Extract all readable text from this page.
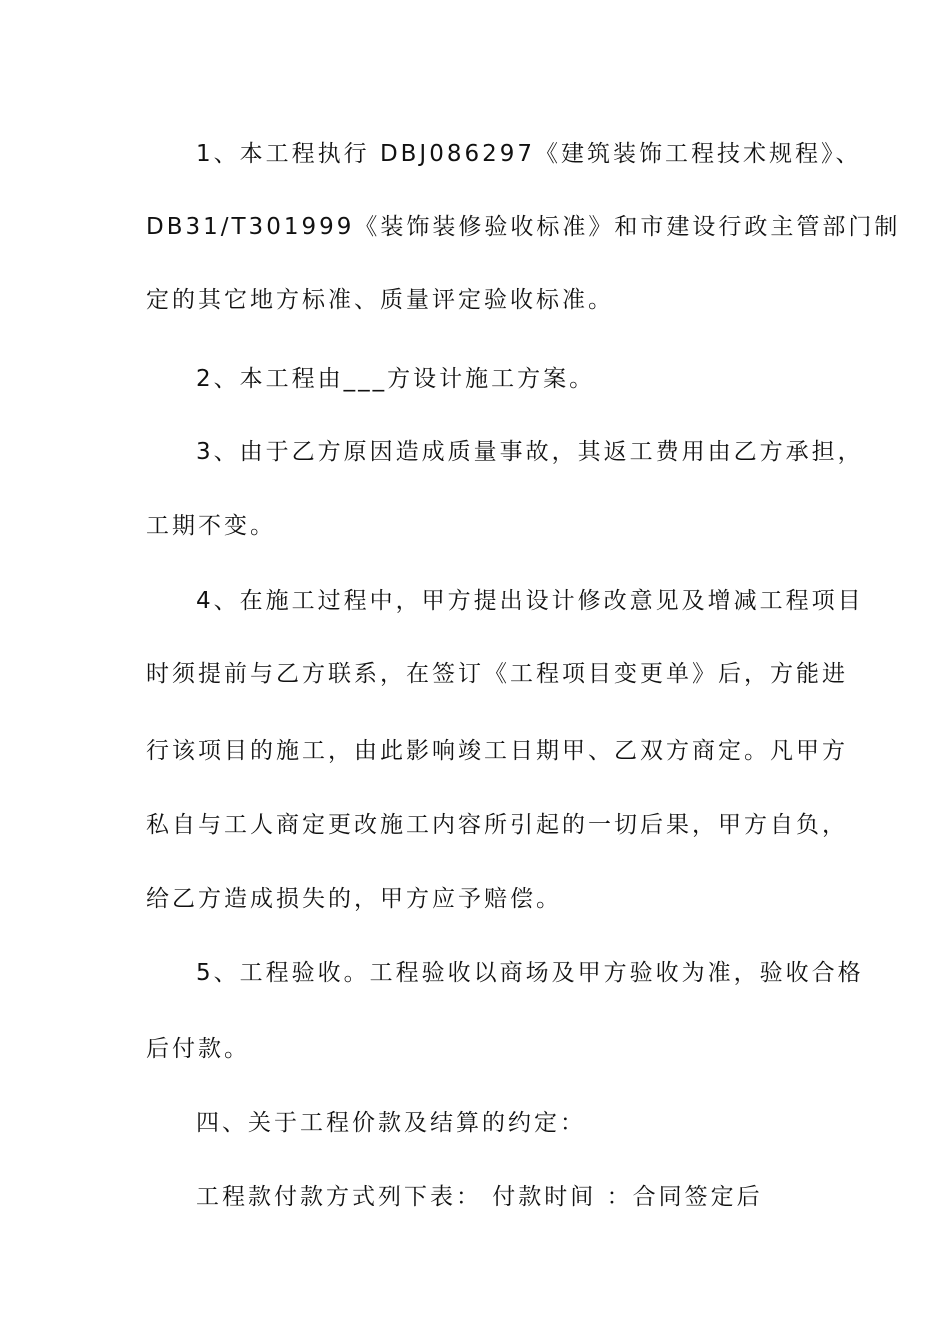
1、本工程执行 DBJ086297《建筑装饰工程技术规程》、
DB31/T301999《装饰装修验收标准》和市建设行政主管部门制
定的其它地方标准、质量评定验收标准。
2、本工程由___方设计施工方案。
3、由于乙方原因造成质量事故，其返工费用由乙方承担，
工期不变。
4、在施工过程中，甲方提出设计修改意见及增减工程项目
时须提前与乙方联系，在签订《工程项目变更单》后，方能进
行该项目的施工，由此影响竣工日期甲、乙双方商定。凡甲方
私自与工人商定更改施工内容所引起的一切后果，甲方自负，
给乙方造成损失的，甲方应予赔偿。
5、工程验收。工程验收以商场及甲方验收为准，验收合格
后付款。
四、关于工程价款及结算的约定：
工程款付款方式列下表： 付款时间 ：合同签定后
